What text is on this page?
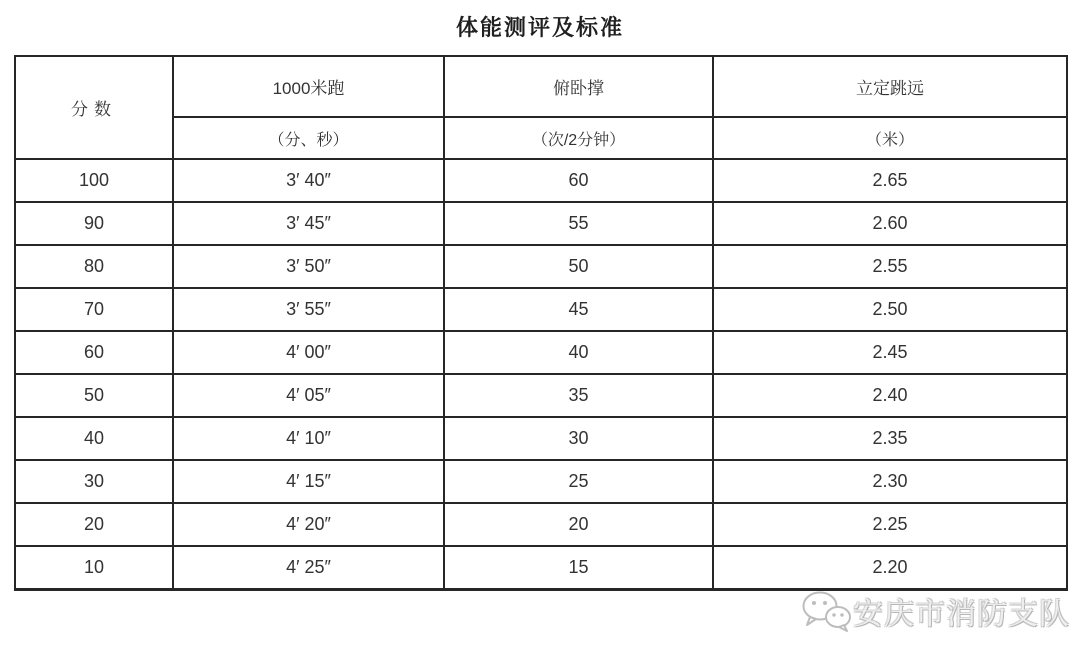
体能测评及标准
分数	1000米跑	俯卧撑	立定跳远
	（分、秒）	（次/2分钟）	（米）
100	3′ 40″	60	2.65
90	3′ 45″	55	2.60
80	3′ 50″	50	2.55
70	3′ 55″	45	2.50
60	4′ 00″	40	2.45
50	4′ 05″	35	2.40
40	4′ 10″	30	2.35
30	4′ 15″	25	2.30
20	4′ 20″	20	2.25
10	4′ 25″	15	2.20
安庆市消防支队
